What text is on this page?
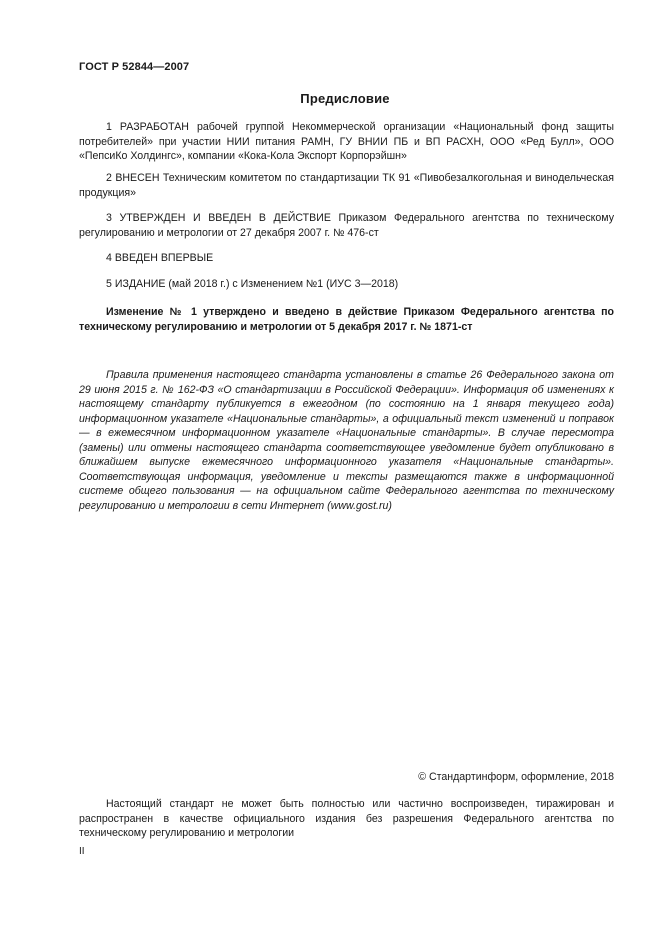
ГОСТ Р 52844—2007
Предисловие

1 РАЗРАБОТАН рабочей группой Некоммерческой организации «Национальный фонд защиты потребителей» при участии НИИ питания РАМН, ГУ ВНИИ ПБ и ВП РАСХН, ООО «Ред Булл», ООО «ПепсиКо Холдингс», компании «Кока-Кола Экспорт Корпорэйшн»

2 ВНЕСЕН Техническим комитетом по стандартизации ТК 91 «Пивобезалкогольная и винодельческая продукция»

3 УТВЕРЖДЕН И ВВЕДЕН В ДЕЙСТВИЕ Приказом Федерального агентства по техническому регулированию и метрологии от 27 декабря 2007 г. № 476-ст

4 ВВЕДЕН ВПЕРВЫЕ

5 ИЗДАНИЕ (май 2018 г.) с Изменением №1 (ИУС 3—2018)

Изменение № 1 утверждено и введено в действие Приказом Федерального агентства по техническому регулированию и метрологии от 5 декабря 2017 г. № 1871-ст

Правила применения настоящего стандарта установлены в статье 26 Федерального закона от 29 июня 2015 г. № 162-ФЗ «О стандартизации в Российской Федерации». Информация об изменениях к настоящему стандарту публикуется в ежегодном (по состоянию на 1 января текущего года) информационном указателе «Национальные стандарты», а официальный текст изменений и поправок — в ежемесячном информационном указателе «Национальные стандарты». В случае пересмотра (замены) или отмены настоящего стандарта соответствующее уведомление будет опубликовано в ближайшем выпуске ежемесячного информационного указателя «Национальные стандарты». Соответствующая информация, уведомление и тексты размещаются также в информационной системе общего пользования — на официальном сайте Федерального агентства по техническому регулированию и метрологии в сети Интернет (www.gost.ru)

© Стандартинформ, оформление, 2018

Настоящий стандарт не может быть полностью или частично воспроизведен, тиражирован и распространен в качестве официального издания без разрешения Федерального агентства по техническому регулированию и метрологии

II
